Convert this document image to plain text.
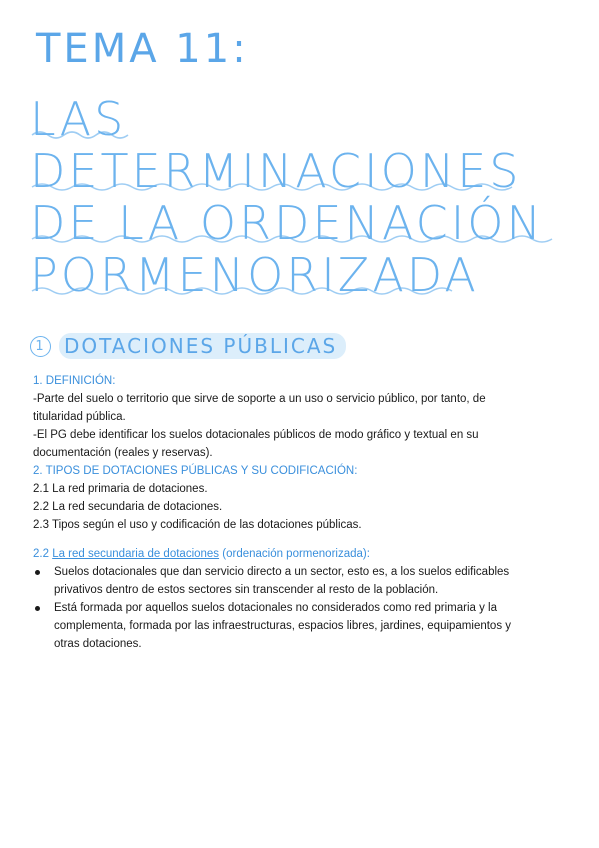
TEMA 11:
LAS
DETERMINACIONES
DE LA ORDENACIÓN
PORMENORIZADA
1 DOTACIONES PÚBLICAS
1. DEFINICIÓN:
-Parte del suelo o territorio que sirve de soporte a un uso o servicio público, por tanto, de
titularidad pública.
-El PG debe identificar los suelos dotacionales públicos de modo gráfico y textual en su
documentación (reales y reservas).
2. TIPOS DE DOTACIONES PÚBLICAS Y SU CODIFICACIÓN:
2.1 La red primaria de dotaciones.
2.2 La red secundaria de dotaciones.
2.3 Tipos según el uso y codificación de las dotaciones públicas.
2.2 La red secundaria de dotaciones (ordenación pormenorizada):
Suelos dotacionales que dan servicio directo a un sector, esto es, a los suelos edificables
privativos dentro de estos sectores sin transcender al resto de la población.
Está formada por aquellos suelos dotacionales no considerados como red primaria y la
complementa, formada por las infraestructuras, espacios libres, jardines, equipamientos y
otras dotaciones.
